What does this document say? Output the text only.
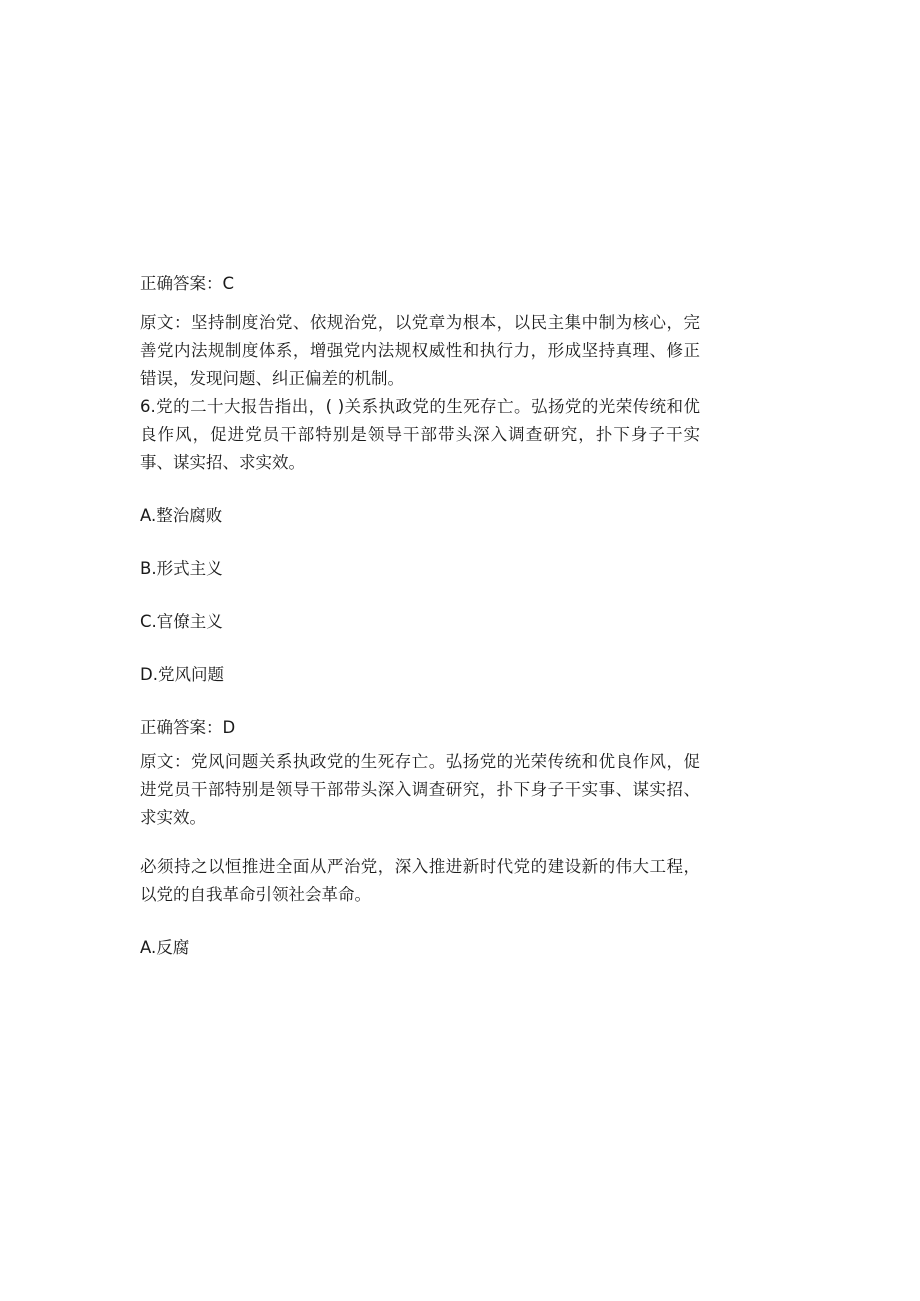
正确答案：C

原文：坚持制度治党、依规治党，以党章为根本，以民主集中制为核心，完善党内法规制度体系，增强党内法规权威性和执行力，形成坚持真理、修正错误，发现问题、纠正偏差的机制。

6.党的二十大报告指出，( )关系执政党的生死存亡。弘扬党的光荣传统和优良作风，促进党员干部特别是领导干部带头深入调查研究，扑下身子干实事、谋实招、求实效。

A.整治腐败

B.形式主义

C.官僚主义

D.党风问题

正确答案：D

原文：党风问题关系执政党的生死存亡。弘扬党的光荣传统和优良作风，促进党员干部特别是领导干部带头深入调查研究，扑下身子干实事、谋实招、求实效。

必须持之以恒推进全面从严治党，深入推进新时代党的建设新的伟大工程，以党的自我革命引领社会革命。

A.反腐
